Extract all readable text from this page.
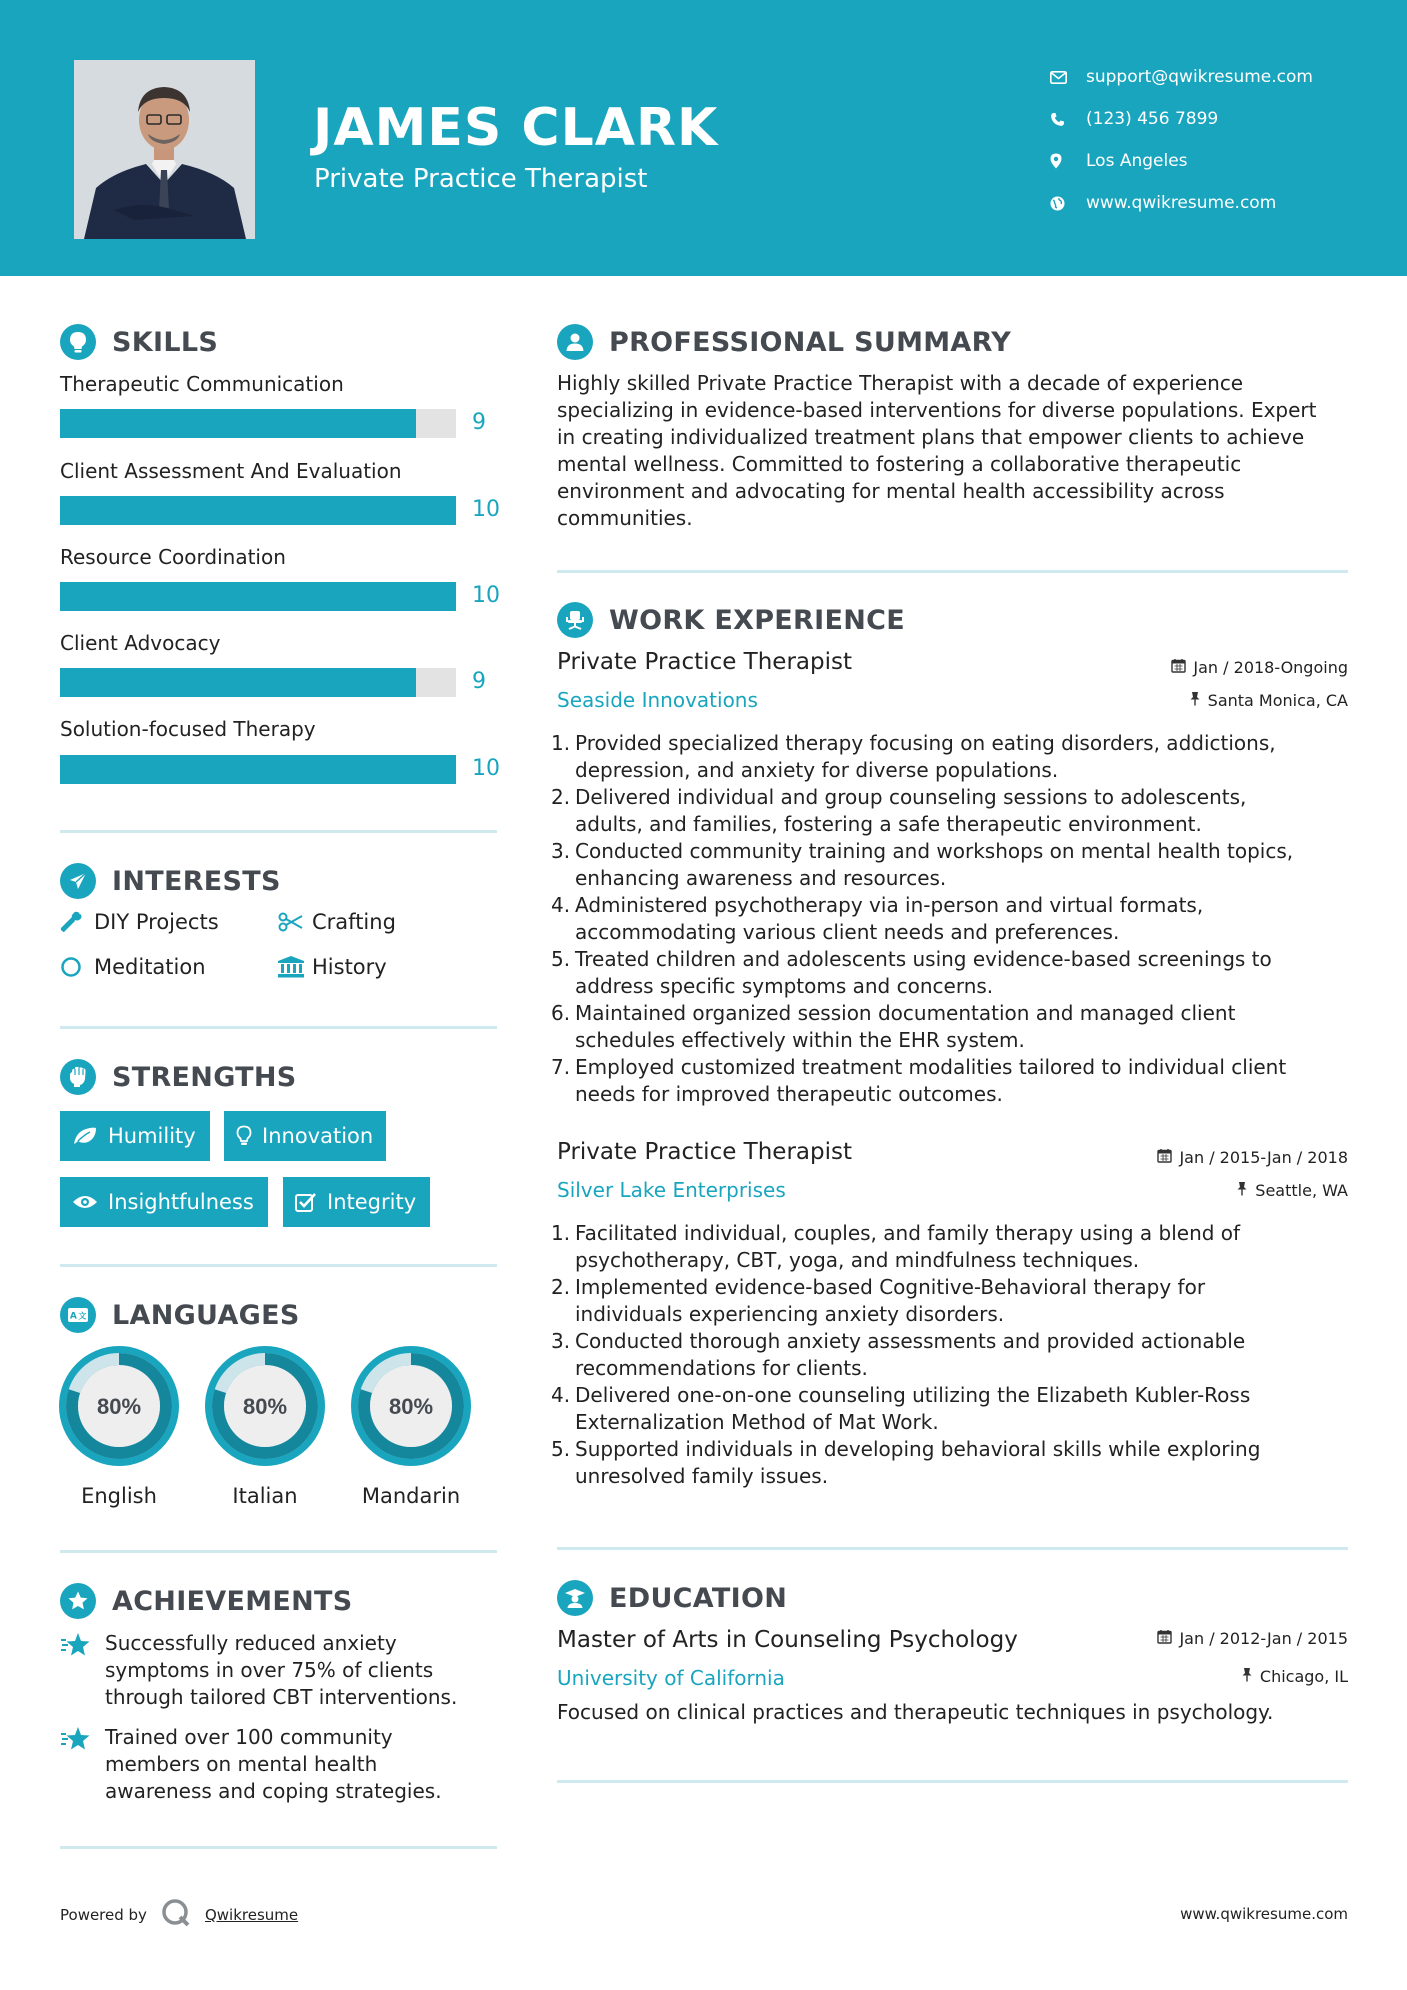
JAMES CLARK
Private Practice Therapist
support@qwikresume.com
(123) 456 7899
Los Angeles
www.qwikresume.com
SKILLS
Therapeutic Communication
9
Client Assessment And Evaluation
10
Resource Coordination
10
Client Advocacy
9
Solution-focused Therapy
10
INTERESTS
DIY Projects	Crafting
Meditation	History
STRENGTHS
Humility	Innovation
Insightfulness	Integrity
A 文 LANGUAGES
80%
English
80%
Italian
80%
Mandarin
ACHIEVEMENTS
Successfully reduced anxiety
symptoms in over 75% of clients
through tailored CBT interventions.
Trained over 100 community
members on mental health
awareness and coping strategies.
PROFESSIONAL SUMMARY
Highly skilled Private Practice Therapist with a decade of experience
specializing in evidence-based interventions for diverse populations. Expert
in creating individualized treatment plans that empower clients to achieve
mental wellness. Committed to fostering a collaborative therapeutic
environment and advocating for mental health accessibility across
communities.
WORK EXPERIENCE
Private Practice Therapist	Jan / 2018-Ongoing
Seaside Innovations	Santa Monica, CA
1. Provided specialized therapy focusing on eating disorders, addictions,
depression, and anxiety for diverse populations.
2. Delivered individual and group counseling sessions to adolescents,
adults, and families, fostering a safe therapeutic environment.
3. Conducted community training and workshops on mental health topics,
enhancing awareness and resources.
4. Administered psychotherapy via in-person and virtual formats,
accommodating various client needs and preferences.
5. Treated children and adolescents using evidence-based screenings to
address specific symptoms and concerns.
6. Maintained organized session documentation and managed client
schedules effectively within the EHR system.
7. Employed customized treatment modalities tailored to individual client
needs for improved therapeutic outcomes.
Private Practice Therapist	Jan / 2015-Jan / 2018
Silver Lake Enterprises	Seattle, WA
1. Facilitated individual, couples, and family therapy using a blend of
psychotherapy, CBT, yoga, and mindfulness techniques.
2. Implemented evidence-based Cognitive-Behavioral therapy for
individuals experiencing anxiety disorders.
3. Conducted thorough anxiety assessments and provided actionable
recommendations for clients.
4. Delivered one-on-one counseling utilizing the Elizabeth Kubler-Ross
Externalization Method of Mat Work.
5. Supported individuals in developing behavioral skills while exploring
unresolved family issues.
EDUCATION
Master of Arts in Counseling Psychology	Jan / 2012-Jan / 2015
University of California	Chicago, IL
Focused on clinical practices and therapeutic techniques in psychology.
Powered by	Qwikresume	www.qwikresume.com
